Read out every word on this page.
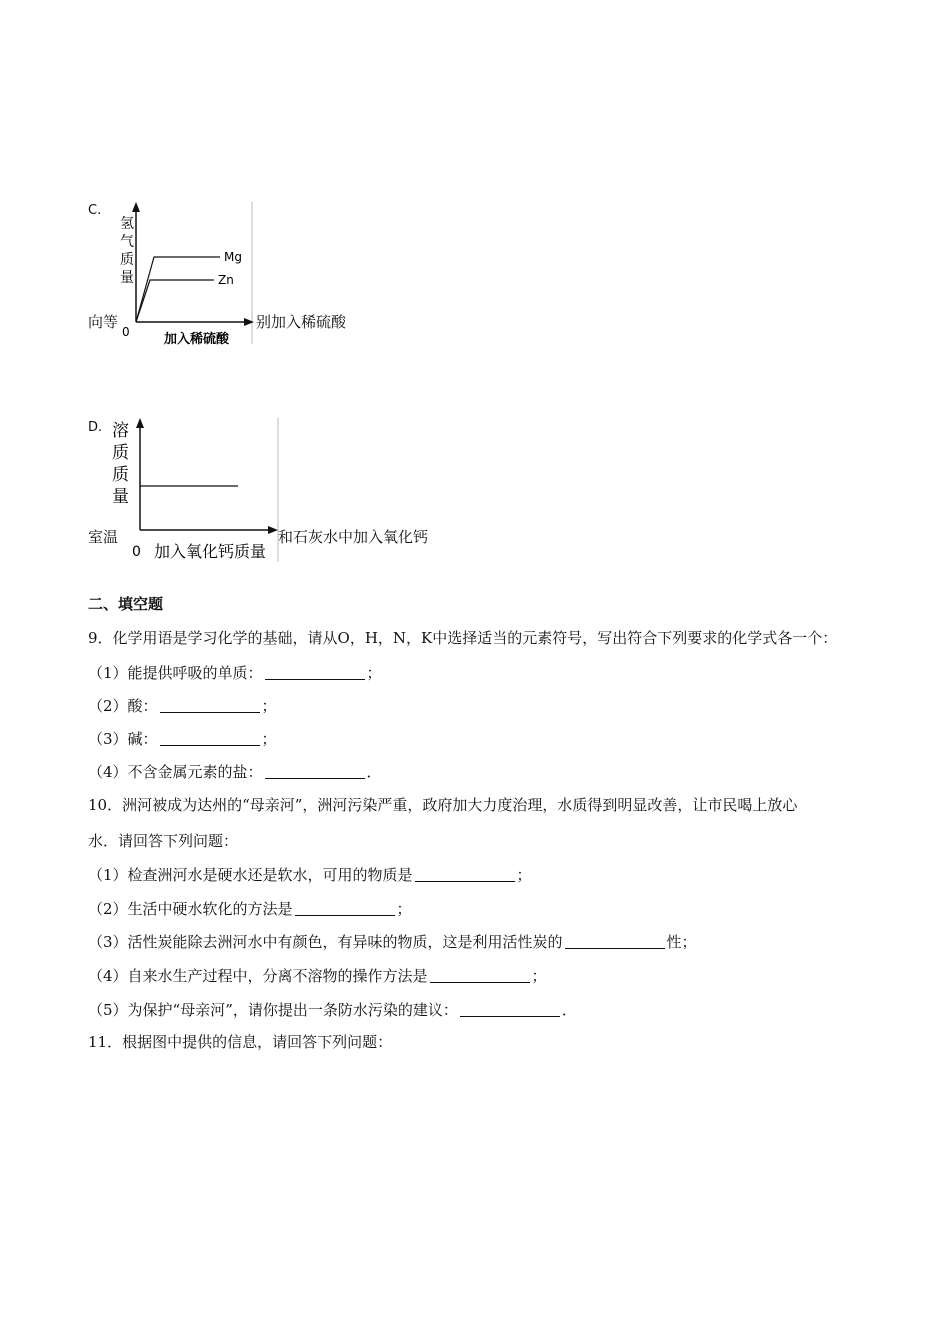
C.
向等
氢
气
质
量
Mg
Zn
0	加入稀硫酸
别加入稀硫酸
D.
室温
溶
质
质
量
0 加入氧化钙质量
和石灰水中加入氧化钙
二、填空题
9．化学用语是学习化学的基础，请从O，H，N，K中选择适当的元素符号，写出符合下列要求的化学式各一个：
（1）能提供呼吸的单质：	；
（2）酸：	；
（3）碱：	；
（4）不含金属元素的盐：	．
10．洲河被成为达州的“母亲河”，洲河污染严重，政府加大力度治理，水质得到明显改善，让市民喝上放心
水．请回答下列问题：
（1）检查洲河水是硬水还是软水，可用的物质是	；
（2）生活中硬水软化的方法是	；
（3）活性炭能除去洲河水中有颜色，有异味的物质，这是利用活性炭的	性；
（4）自来水生产过程中，分离不溶物的操作方法是	；
（5）为保护“母亲河”，请你提出一条防水污染的建议：	．
11．根据图中提供的信息，请回答下列问题：
